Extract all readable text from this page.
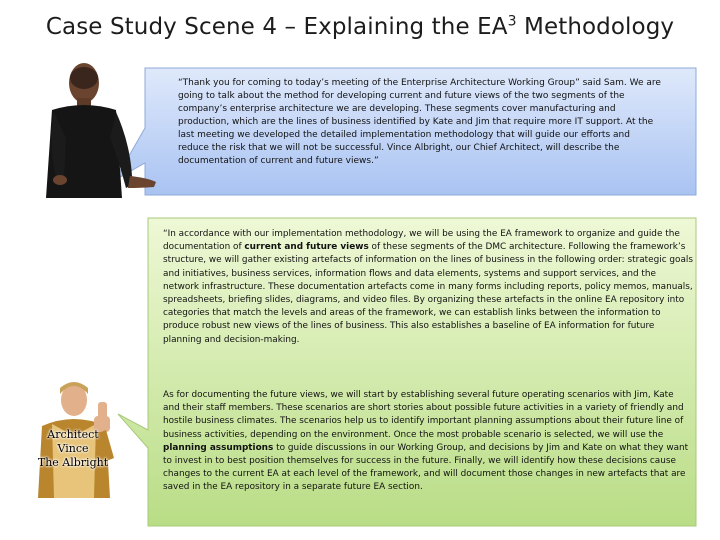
Case Study Scene 4 – Explaining the $EA^3$ Methodology
“Thank you for coming to today’s meeting of the Enterprise Architecture Working Group” said Sam. We are going to talk about the method for developing current and future views of the two segments of the company’s enterprise architecture we are developing. These segments cover manufacturing and production, which are the lines of business identified by Kate and Jim that require more IT support. At the last meeting we developed the detailed implementation methodology that will guide our efforts and reduce the risk that we will not be successful. Vince Albright, our Chief Architect, will describe the documentation of current and future views.”
“In accordance with our implementation methodology, we will be using the EA framework to organize and guide the documentation of current and future views of these segments of the DMC architecture. Following the framework’s structure, we will gather existing artefacts of information on the lines of business in the following order: strategic goals and initiatives, business services, information flows and data elements, systems and support services, and the network infrastructure. These documentation artefacts come in many forms including reports, policy memos, manuals, spreadsheets, briefing slides, diagrams, and video files. By organizing these artefacts in the online EA repository into categories that match the levels and areas of the framework, we can establish links between the information to produce robust new views of the lines of business. This also establishes a baseline of EA information for future planning and decision-making.
As for documenting the future views, we will start by establishing several future operating scenarios with Jim, Kate and their staff members. These scenarios are short stories about possible future activities in a variety of friendly and hostile business climates. The scenarios help us to identify important planning assumptions about their future line of business activities, depending on the environment. Once the most probable scenario is selected, we will use the planning assumptions to guide discussions in our Working Group, and decisions by Jim and Kate on what they want to invest in to best position themselves for success in the future. Finally, we will identify how these decisions cause changes to the current EA at each level of the framework, and will document those changes in new artefacts that are saved in the EA repository in a separate future EA section.
Architect
Vince
The Albright
